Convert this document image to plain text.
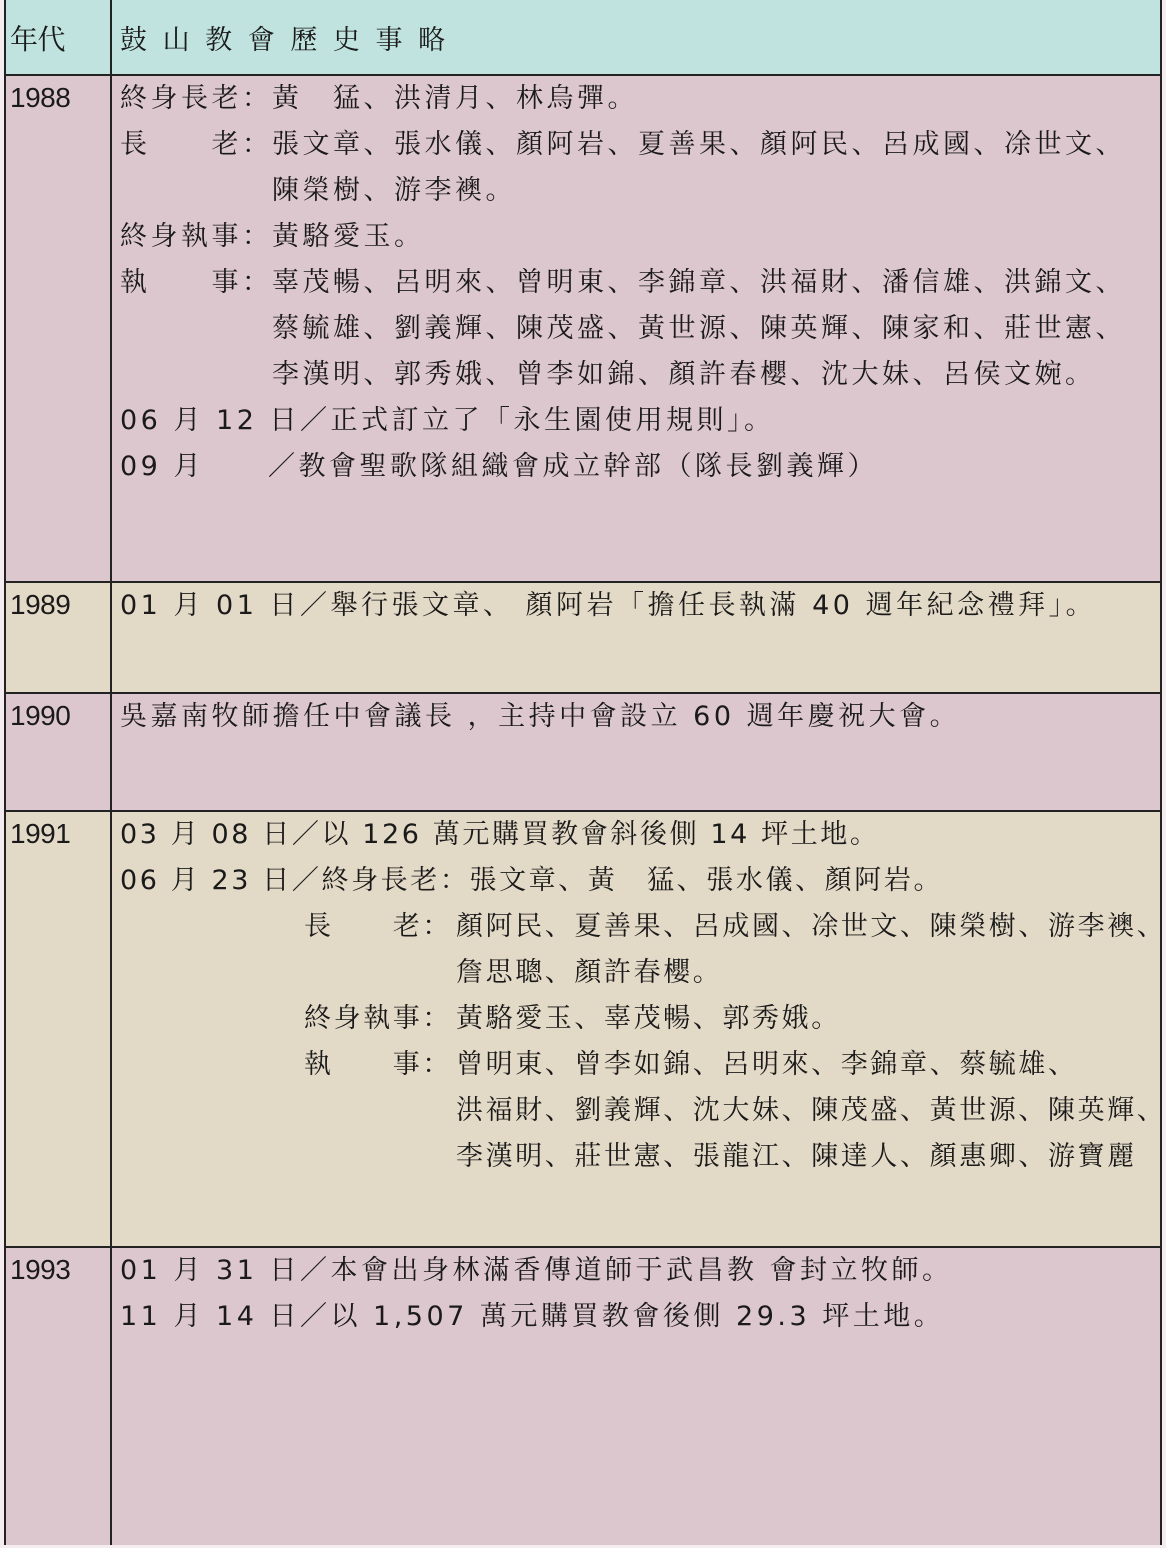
年代	鼓 山 教 會 歷 史 事 略
1988	終身長老：黃　猛、洪清月、林烏彈。
長　　老：張文章、張水儀、顏阿岩、夏善果、顏阿民、呂成國、凃世文、
陳榮樹、游李襖。
終身執事：黃駱愛玉。
執　　事：辜茂暢、呂明來、曾明東、李錦章、洪福財、潘信雄、洪錦文、
蔡毓雄、劉義輝、陳茂盛、黃世源、陳英輝、陳家和、莊世憲、
李漢明、郭秀娥、曾李如錦、顏許春櫻、沈大妹、呂侯文婉。
06 月 12 日／正式訂立了「永生園使用規則」。
09 月 ／教會聖歌隊組織會成立幹部（隊長劉義輝）
1989	01 月 01 日／舉行張文章、 顏阿岩「擔任長執滿 40 週年紀念禮拜」。
1990	吳嘉南牧師擔任中會議長 ，主持中會設立 60 週年慶祝大會。
1991	03 月 08 日／以 126 萬元購買教會斜後側 14 坪土地。
06 月 23 日／終身長老：張文章、黃　猛、張水儀、顏阿岩。
長　　老： 顏阿民、夏善果、呂成國、凃世文、陳榮樹、游李襖、
詹思聰、顏許春櫻。
終身執事： 黃駱愛玉、辜茂暢、郭秀娥。
執　　事： 曾明東、曾李如錦、呂明來、李錦章、蔡毓雄、
洪福財、劉義輝、沈大妹、陳茂盛、黃世源、陳英輝、
李漢明、莊世憲、張龍江、陳達人、顏惠卿、游寶麗
1993	01 月 31 日／本會出身林滿香傳道師于武昌教 會封立牧師。
11 月 14 日／以 1,507 萬元購買教會後側 29.3 坪土地。
